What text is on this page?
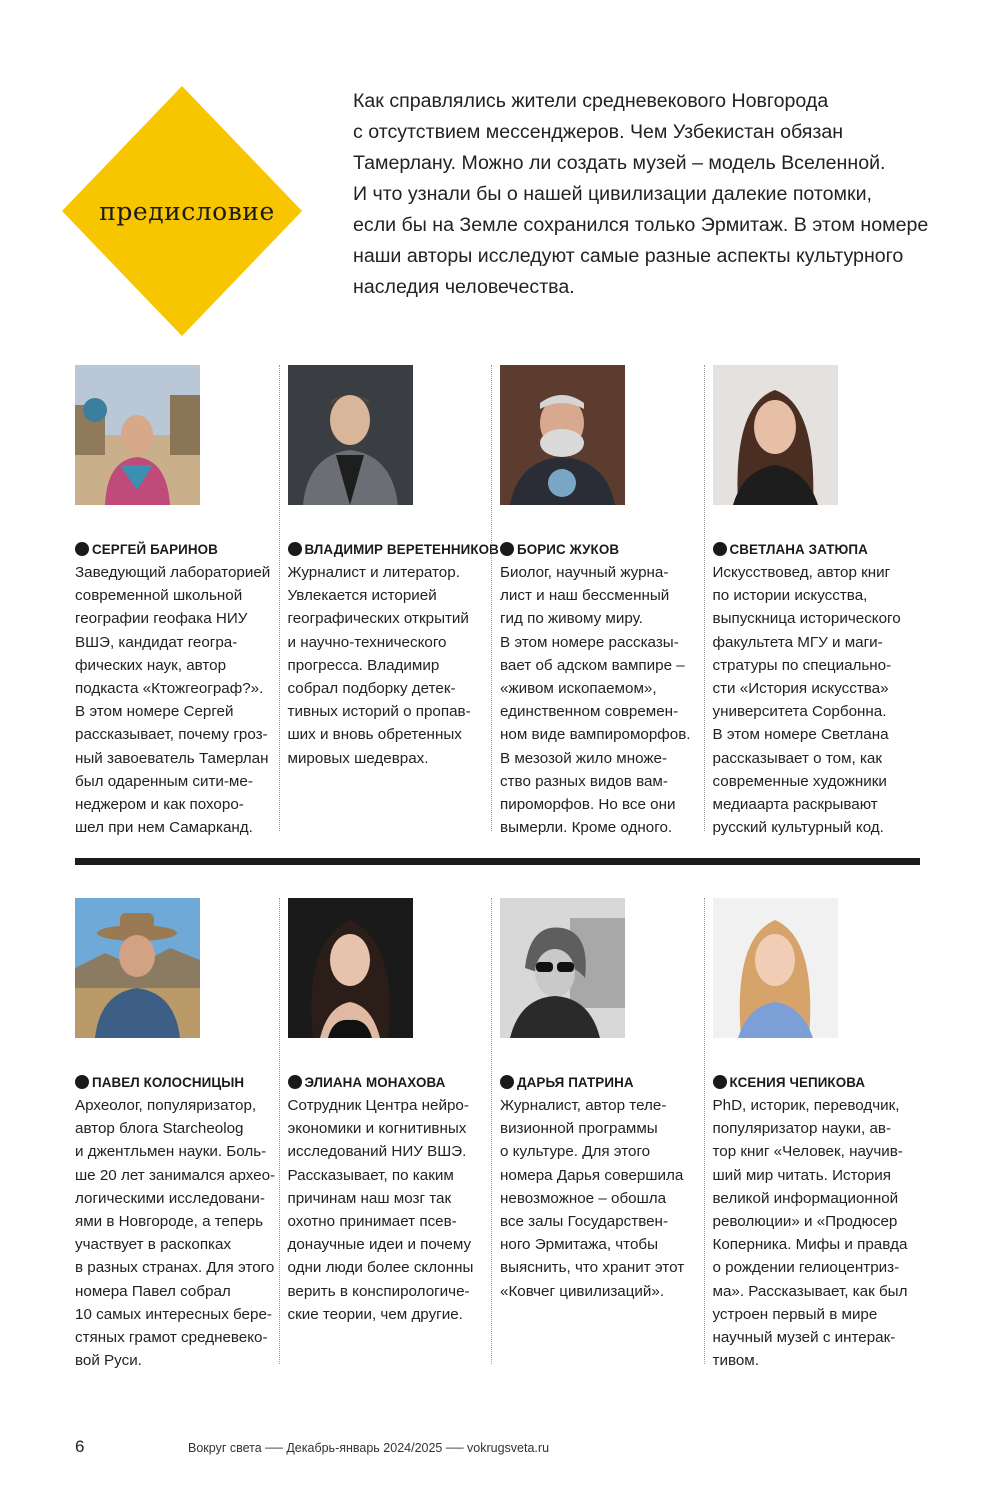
предисловие

Как справлялись жители средневекового Новгорода
с отсутствием мессенджеров. Чем Узбекистан обязан
Тамерлану. Можно ли создать музей – модель Вселенной.
И что узнали бы о нашей цивилизации далекие потомки,
если бы на Земле сохранился только Эрмитаж. В этом номере
наши авторы исследуют самые разные аспекты культурного
наследия человечества.

СЕРГЕЙ БАРИНОВ
Заведующий лабораторией
современной школьной
географии геофака НИУ
ВШЭ, кандидат геогра-
фических наук, автор
подкаста «Ктожгеограф?».
В этом номере Сергей
рассказывает, почему гроз-
ный завоеватель Тамерлан
был одаренным сити-ме-
неджером и как похоро-
шел при нем Самарканд.
ВЛАДИМИР ВЕРЕТЕННИКОВ
Журналист и литератор.
Увлекается историей
географических открытий
и научно-технического
прогресса. Владимир
собрал подборку детек-
тивных историй о пропав-
ших и вновь обретенных
мировых шедеврах.
БОРИС ЖУКОВ
Биолог, научный журна-
лист и наш бессменный
гид по живому миру.
В этом номере рассказы-
вает об адском вампире –
«живом ископаемом»,
единственном современ-
ном виде вампироморфов.
В мезозой жило множе-
ство разных видов вам-
пироморфов. Но все они
вымерли. Кроме одного.
СВЕТЛАНА ЗАТЮПА
Искусствовед, автор книг
по истории искусства,
выпускница исторического
факультета МГУ и маги-
стратуры по специально-
сти «История искусства»
университета Сорбонна.
В этом номере Светлана
рассказывает о том, как
современные художники
медиаарта раскрывают
русский культурный код.
ПАВЕЛ КОЛОСНИЦЫН
Археолог, популяризатор,
автор блога Starcheolog
и джентльмен науки. Боль-
ше 20 лет занимался архео-
логическими исследовани-
ями в Новгороде, а теперь
участвует в раскопках
в разных странах. Для этого
номера Павел собрал
10 самых интересных бере-
стяных грамот средневеко-
вой Руси.
ЭЛИАНА МОНАХОВА
Сотрудник Центра нейро-
экономики и когнитивных
исследований НИУ ВШЭ.
Рассказывает, по каким
причинам наш мозг так
охотно принимает псев-
донаучные идеи и почему
одни люди более склонны
верить в конспирологиче-
ские теории, чем другие.
ДАРЬЯ ПАТРИНА
Журналист, автор теле-
визионной программы
о культуре. Для этого
номера Дарья совершила
невозможное – обошла
все залы Государствен-
ного Эрмитажа, чтобы
выяснить, что хранит этот
«Ковчег цивилизаций».
КСЕНИЯ ЧЕПИКОВА
PhD, историк, переводчик,
популяризатор науки, ав-
тор книг «Человек, научив-
ший мир читать. История
великой информационной
революции» и «Продюсер
Коперника. Мифы и правда
о рождении гелиоцентриз-
ма». Рассказывает, как был
устроен первый в мире
научный музей с интерак-
тивом.
6	Вокруг света ── Декабрь-январь 2024/2025 ── vokrugsveta.ru
